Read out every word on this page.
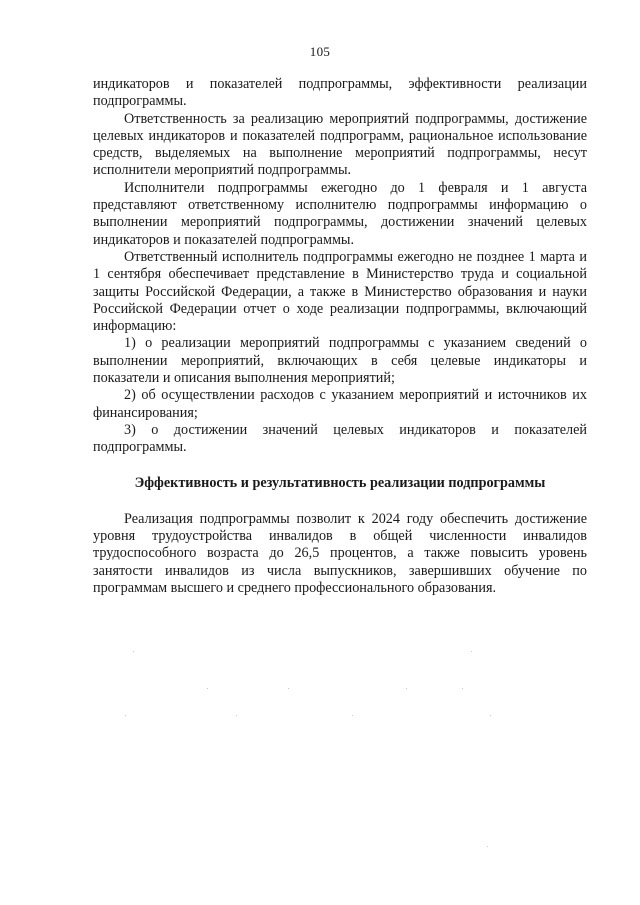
105

индикаторов и показателей подпрограммы, эффективности реализации подпрограммы.

Ответственность за реализацию мероприятий подпрограммы, достижение целевых индикаторов и показателей подпрограмм, рациональное использование средств, выделяемых на выполнение мероприятий подпрограммы, несут исполнители мероприятий подпрограммы.

Исполнители подпрограммы ежегодно до 1 февраля и 1 августа представляют ответственному исполнителю подпрограммы информацию о выполнении мероприятий подпрограммы, достижении значений целевых индикаторов и показателей подпрограммы.

Ответственный исполнитель подпрограммы ежегодно не позднее 1 марта и 1 сентября обеспечивает представление в Министерство труда и социальной защиты Российской Федерации, а также в Министерство образования и науки Российской Федерации отчет о ходе реализации подпрограммы, включающий информацию:

1) о реализации мероприятий подпрограммы с указанием сведений о выполнении мероприятий, включающих в себя целевые индикаторы и показатели и описания выполнения мероприятий;

2) об осуществлении расходов с указанием мероприятий и источников их финансирования;

3) о достижении значений целевых индикаторов и показателей подпрограммы.

Эффективность и результативность реализации подпрограммы

Реализация подпрограммы позволит к 2024 году обеспечить достижение уровня трудоустройства инвалидов в общей численности инвалидов трудоспособного возраста до 26,5 процентов, а также повысить уровень занятости инвалидов из числа выпускников, завершивших обучение по программам высшего и среднего профессионального образования.
